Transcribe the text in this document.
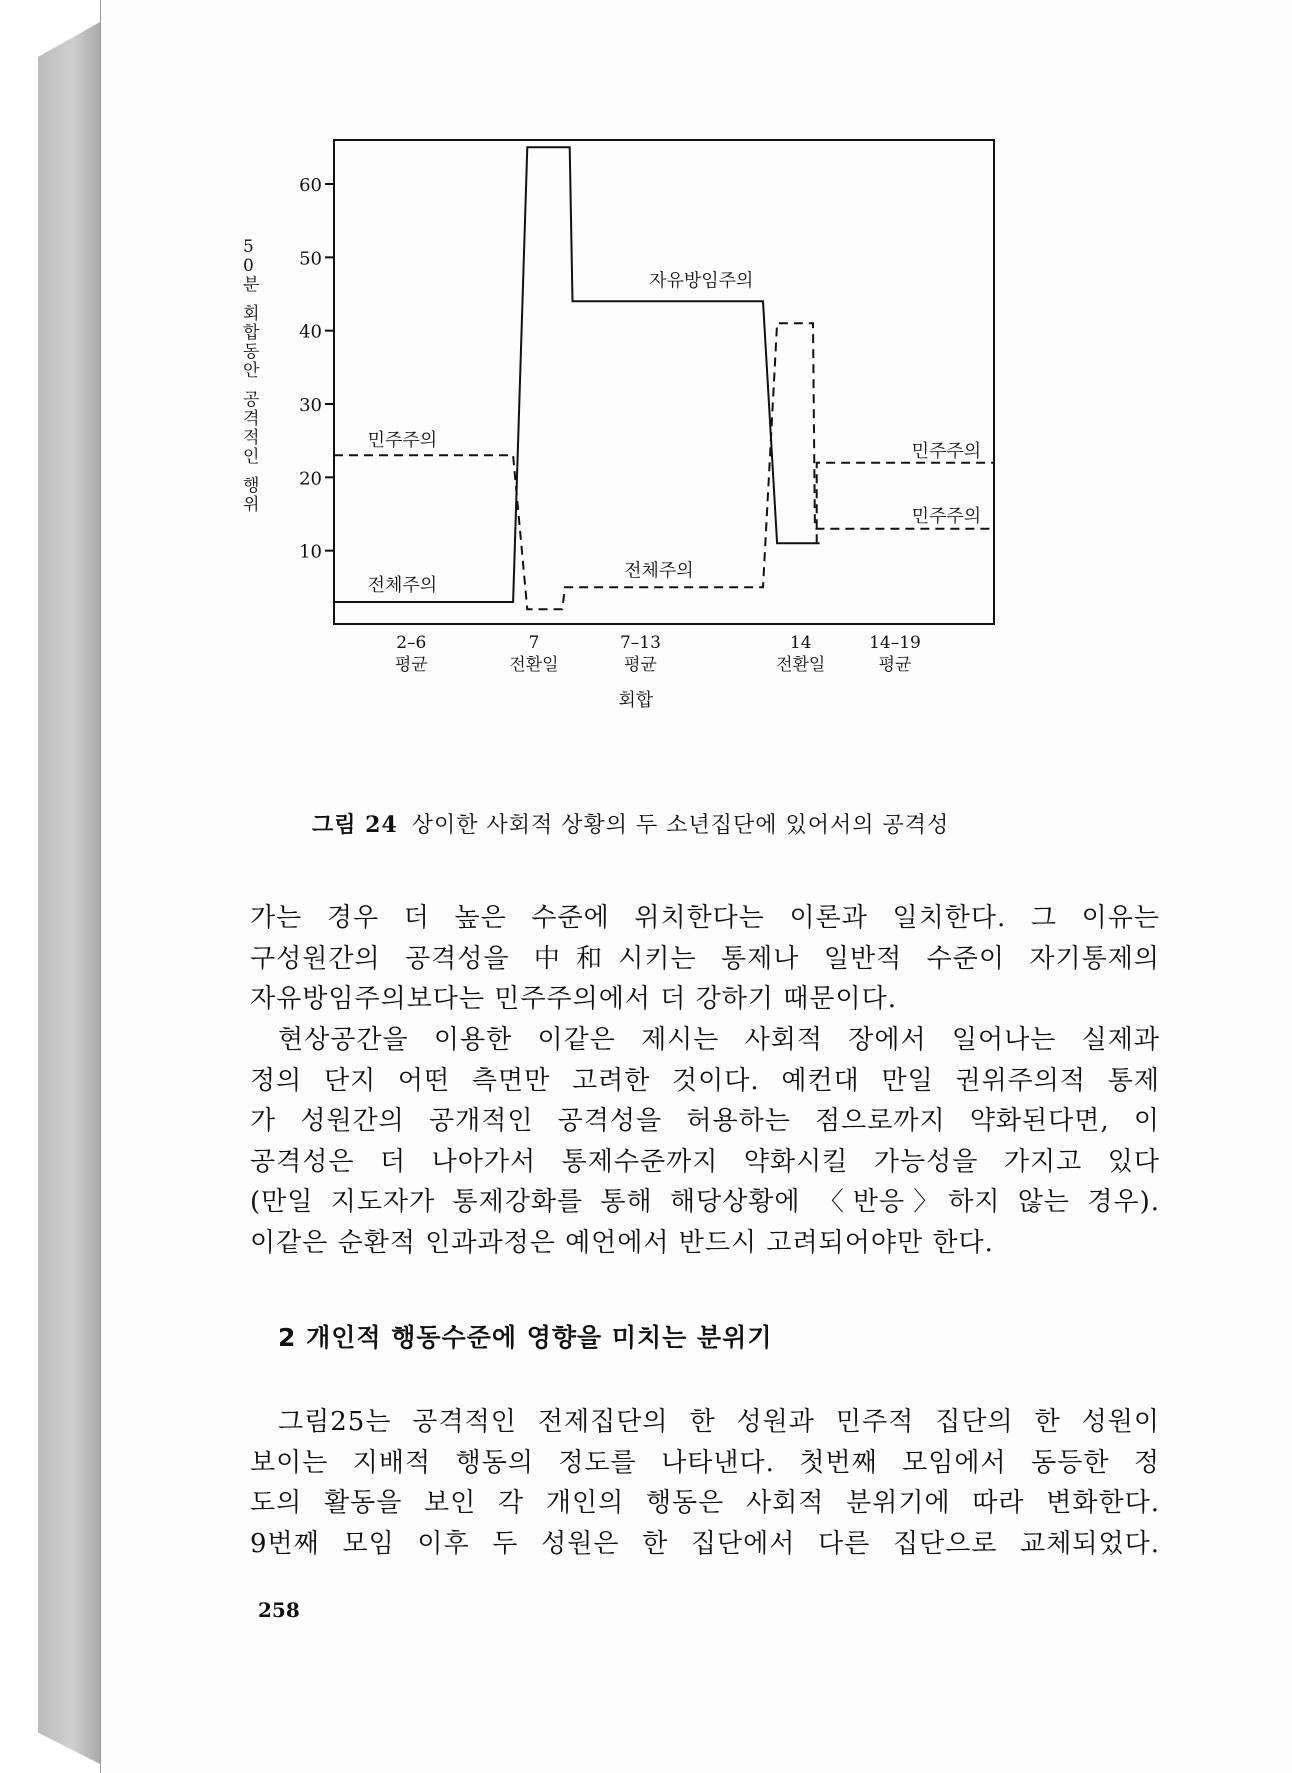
10
20
30
40
50
60
5 0 분 회 합 동 안 공 격 적 인 행 위
2–6
평균
7
전환일
7–13
평균
14
전환일
14–19
평균
회합
자유방임주의
민주주의
전체주의
전체주의
민주주의
민주주의
그림 24 상이한 사회적 상황의 두 소년집단에 있어서의 공격성

가는 경우 더 높은 수준에 위치한다는 이론과 일치한다. 그 이유는

구성원간의 공격성을 中和시키는 통제나 일반적 수준이 자기통제의

자유방임주의보다는 민주주의에서 더 강하기 때문이다.

현상공간을 이용한 이같은 제시는 사회적 장에서 일어나는 실제과

정의 단지 어떤 측면만 고려한 것이다. 예컨대 만일 권위주의적 통제

가 성원간의 공개적인 공격성을 허용하는 점으로까지 약화된다면, 이

공격성은 더 나아가서 통제수준까지 약화시킬 가능성을 가지고 있다

(만일 지도자가 통제강화를 통해 해당상황에 〈반응〉하지 않는 경우).

이같은 순환적 인과과정은 예언에서 반드시 고려되어야만 한다.

2 개인적 행동수준에 영향을 미치는 분위기

그림25는 공격적인 전제집단의 한 성원과 민주적 집단의 한 성원이

보이는 지배적 행동의 정도를 나타낸다. 첫번째 모임에서 동등한 정

도의 활동을 보인 각 개인의 행동은 사회적 분위기에 따라 변화한다.

9번째 모임 이후 두 성원은 한 집단에서 다른 집단으로 교체되었다.

258
